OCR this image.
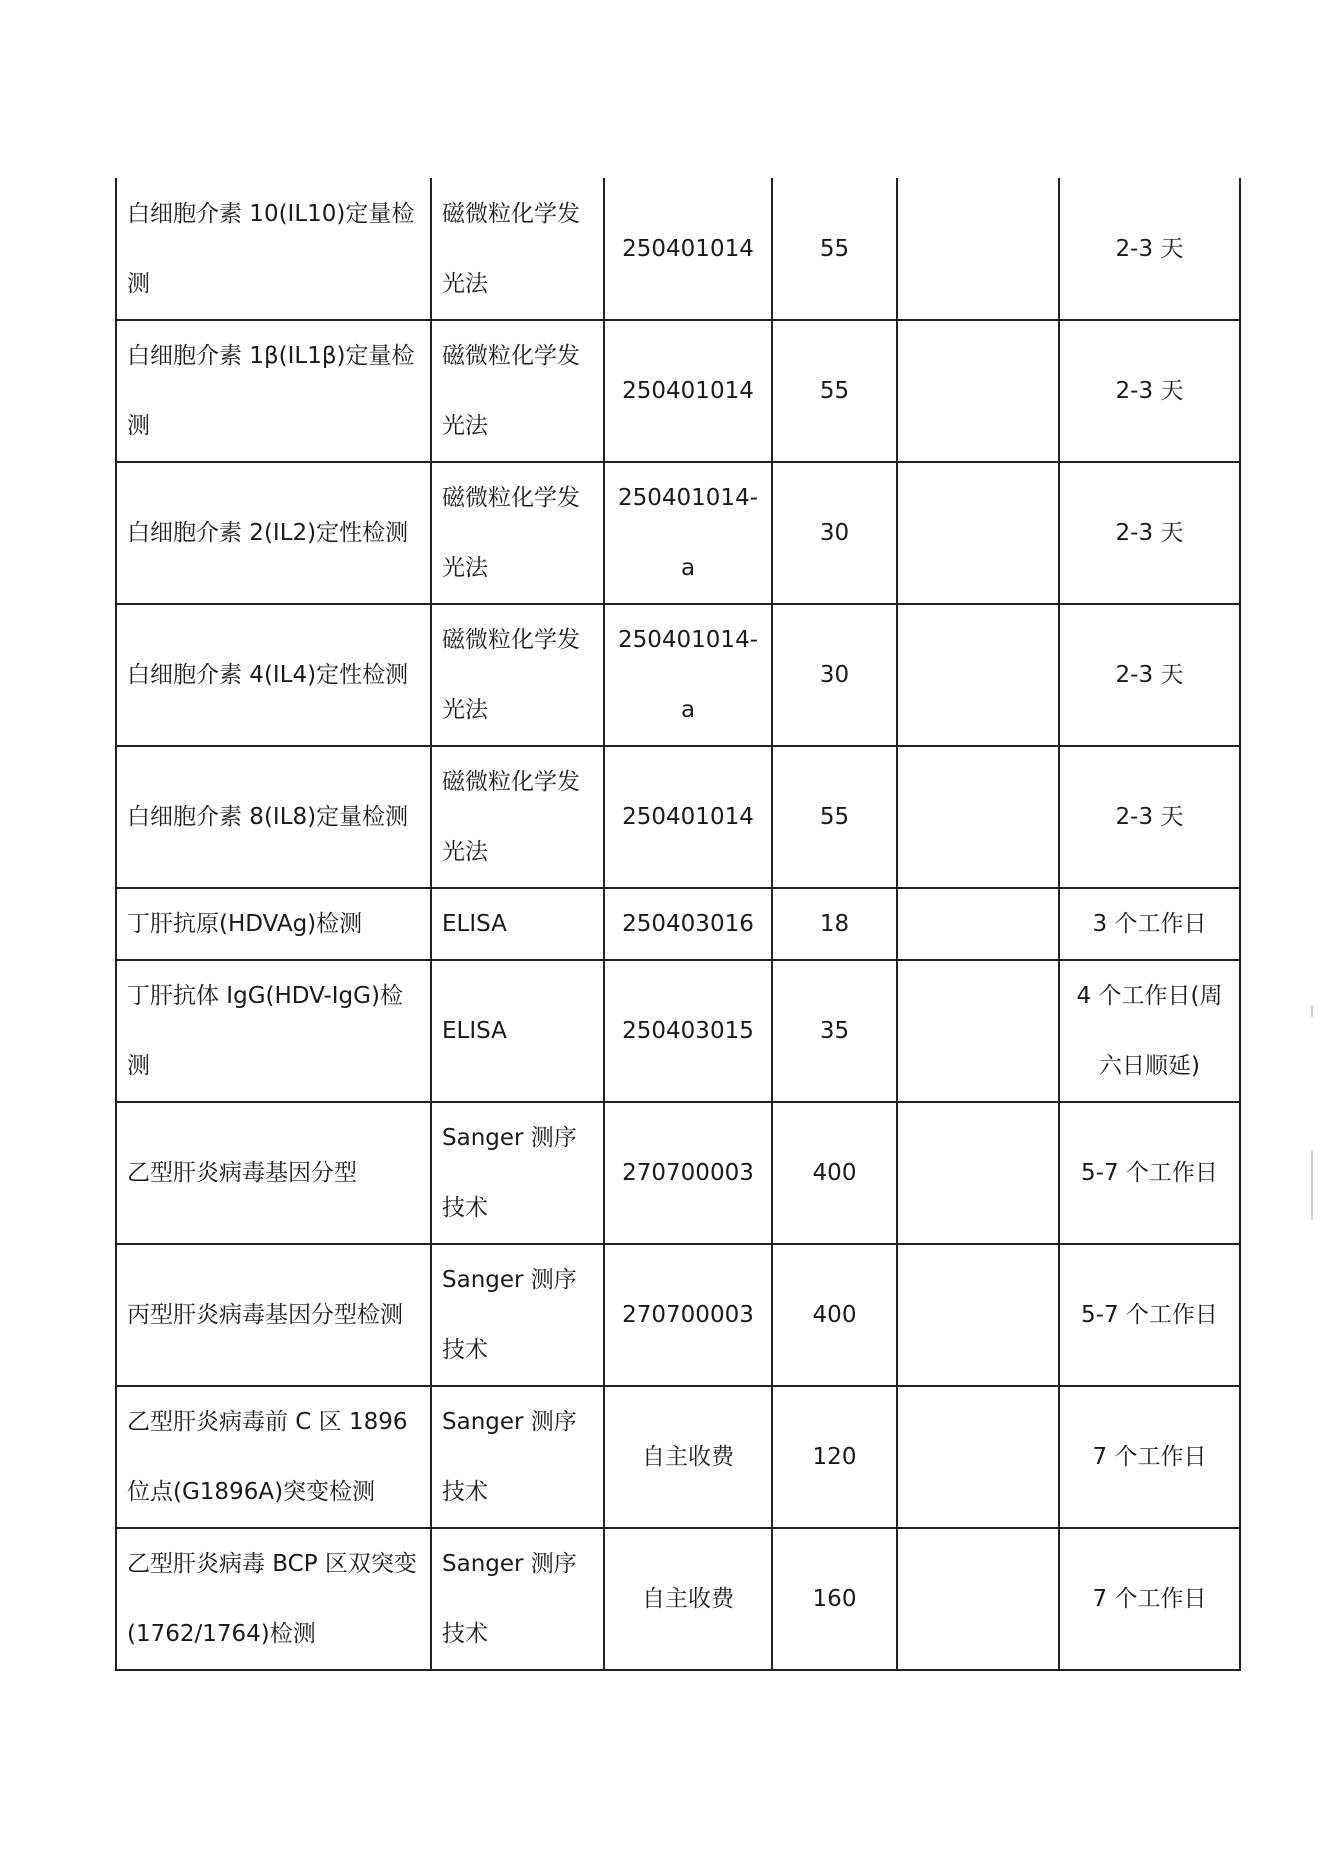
白细胞介素 10(IL10)定量检测	磁微粒化学发光法	250401014	55		2-3 天
白细胞介素 1β(IL1β)定量检测	磁微粒化学发光法	250401014	55		2-3 天
白细胞介素 2(IL2)定性检测	磁微粒化学发光法	250401014-a	30		2-3 天
白细胞介素 4(IL4)定性检测	磁微粒化学发光法	250401014-a	30		2-3 天
白细胞介素 8(IL8)定量检测	磁微粒化学发光法	250401014	55		2-3 天
丁肝抗原(HDVAg)检测	ELISA	250403016	18		3 个工作日
丁肝抗体 IgG(HDV-IgG)检测	ELISA	250403015	35		4 个工作日(周六日顺延)
乙型肝炎病毒基因分型	Sanger 测序技术	270700003	400		5-7 个工作日
丙型肝炎病毒基因分型检测	Sanger 测序技术	270700003	400		5-7 个工作日
乙型肝炎病毒前 C 区 1896 位点(G1896A)突变检测	Sanger 测序技术	自主收费	120		7 个工作日
乙型肝炎病毒 BCP 区双突变(1762/1764)检测	Sanger 测序技术	自主收费	160		7 个工作日
